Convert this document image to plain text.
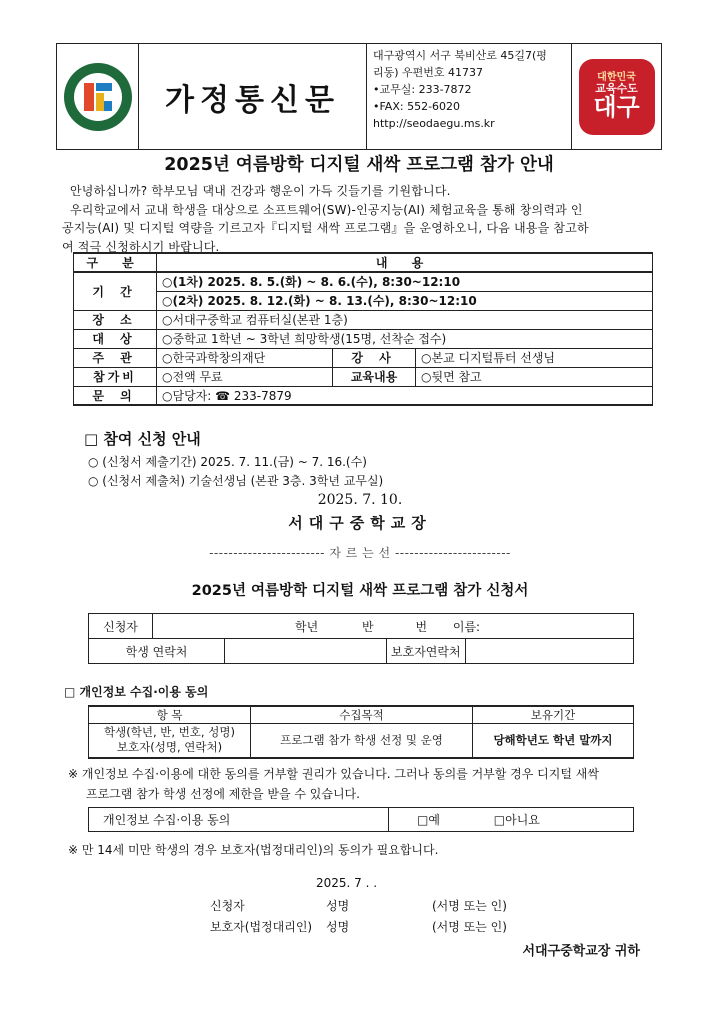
가정통신문
대구광역시 서구 북비산로 45길7(평
리동) 우편번호 41737
•교무실: 233-7872
•FAX: 552-6020
http://seodaegu.ms.kr
대한민국
교육수도
대구
2025년 여름방학 디지털 새싹 프로그램 참가 안내
안녕하십니까? 학부모님 댁내 건강과 행운이 가득 깃들기를 기원합니다.
우리학교에서 교내 학생을 대상으로 소프트웨어(SW)-인공지능(AI) 체험교육을 통해 창의력과 인
공지능(AI) 및 디지털 역량을 기르고자『디지털 새싹 프로그램』을 운영하오니, 다음 내용을 참고하
여 적극 신청하시기 바랍니다.
구 분	내 용		
기 간	○(1차) 2025. 8. 5.(화) ~ 8. 6.(수), 8:30~12:10		
	○(2차) 2025. 8. 12.(화) ~ 8. 13.(수), 8:30~12:10		
장 소	○서대구중학교 컴퓨터실(본관 1층)		
대 상	○중학교 1학년 ~ 3학년 희망학생(15명, 선착순 접수)		
주 관	○한국과학창의재단	강 사	○본교 디지털튜터 선생님
참가비	○전액 무료	교육내용	○뒷면 참고
문 의	○담당자: ☎ 233-7879		
□ 참여 신청 안내
○ (신청서 제출기간) 2025. 7. 11.(금) ~ 7. 16.(수)
○ (신청서 제출처) 기술선생님 (본관 3층. 3학년 교무실)
2025. 7. 10.
서대구중학교장
------------------------ 자 르 는 선 ------------------------
2025년 여름방학 디지털 새싹 프로그램 참가 신청서
신청자	학년 반 번 이름:			
학생 연락처			보호자연락처	
□ 개인정보 수집·이용 동의
항 목	수집목적	보유기간

학생(학년, 반, 번호, 성명)
보호자(성명, 연락처)	프로그램 참가 학생 선정 및 운영	당해학년도 학년 말까지
※ 개인정보 수집·이용에 대한 동의를 거부할 권리가 있습니다. 그러나 동의를 거부할 경우 디지털 새싹
프로그램 참가 학생 선정에 제한을 받을 수 있습니다.
개인정보 수집·이용 동의	□예	□아니요
※ 만 14세 미만 학생의 경우 보호자(법정대리인)의 동의가 필요합니다.
2025. 7 . .
신청자	성명	(서명 또는 인)
보호자(법정대리인) 성명	(서명 또는 인)
서대구중학교장 귀하
